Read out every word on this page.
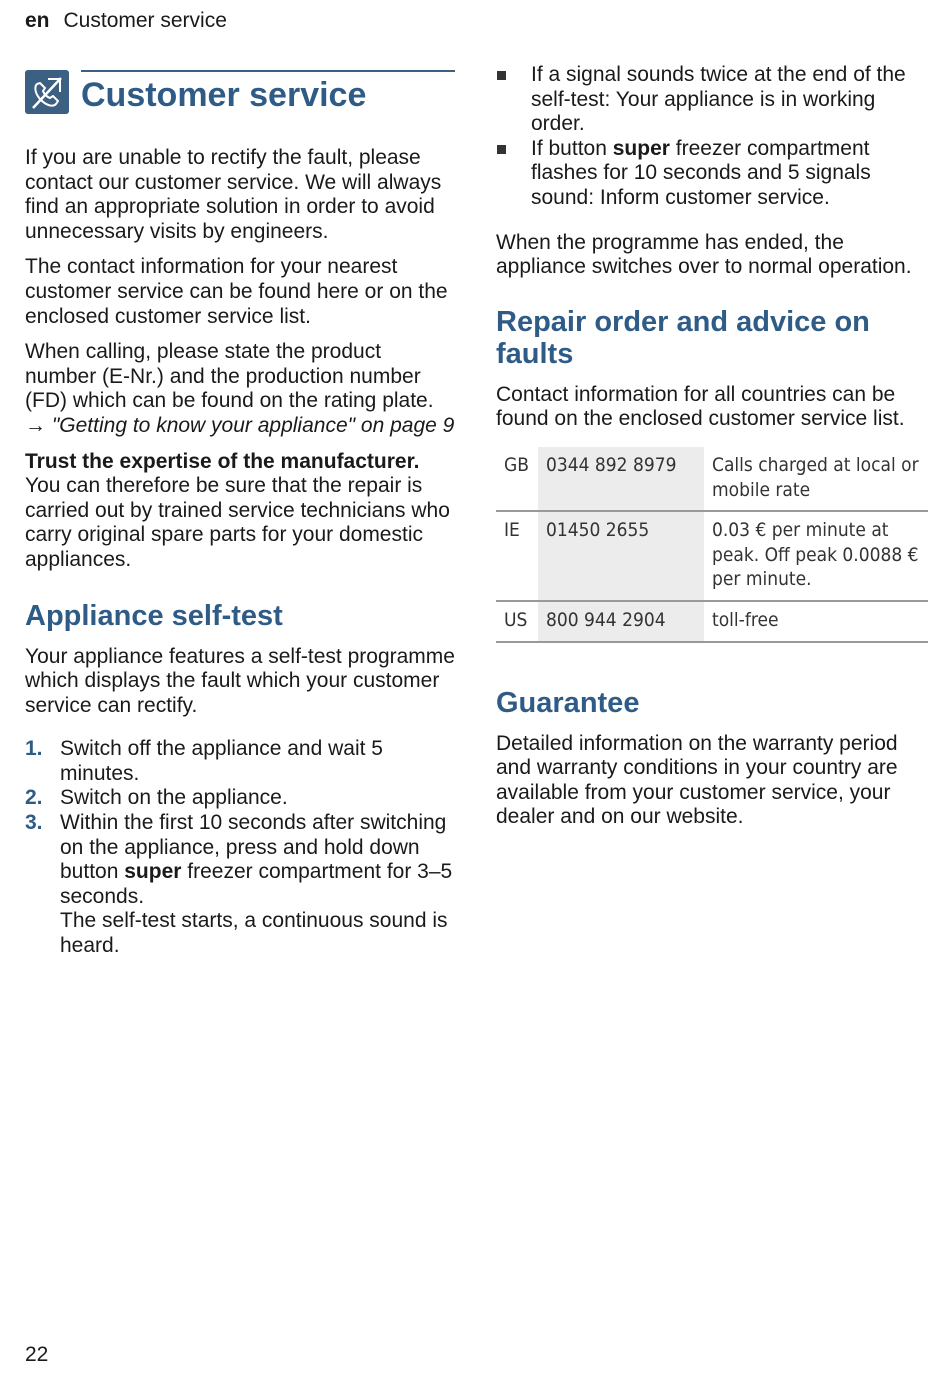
en Customer service
Customer service

If you are unable to rectify the fault, please contact our customer service. We will always find an appropriate solution in order to avoid unnecessary visits by engineers.

The contact information for your nearest customer service can be found here or on the enclosed customer service list.

When calling, please state the product number (E-Nr.) and the production number (FD) which can be found on the rating plate.

→ "Getting to know your appliance" on page 9

Trust the expertise of the manufacturer. You can therefore be sure that the repair is carried out by trained service technicians who carry original spare parts for your domestic appliances.

Appliance self-test

Your appliance features a self-test programme which displays the fault which your customer service can rectify.

1. Switch off the appliance and wait 5 minutes.
2. Switch on the appliance.
3. Within the first 10 seconds after switching on the appliance, press and hold down button super freezer compartment for 3–5 seconds.
The self-test starts, a continuous sound is heard.
If a signal sounds twice at the end of the self-test: Your appliance is in working order.
If button super freezer compartment flashes for 10 seconds and 5 signals sound: Inform customer service.

When the programme has ended, the appliance switches over to normal operation.

Repair order and advice on faults

Contact information for all countries can be found on the enclosed customer service list.

GB	0344 892 8979	Calls charged at local or mobile rate
IE	01450 2655	0.03 € per minute at peak. Off peak 0.0088 € per minute.
US	800 944 2904	toll-free
Guarantee

Detailed information on the warranty period and warranty conditions in your country are available from your customer service, your dealer and on our website.

22
